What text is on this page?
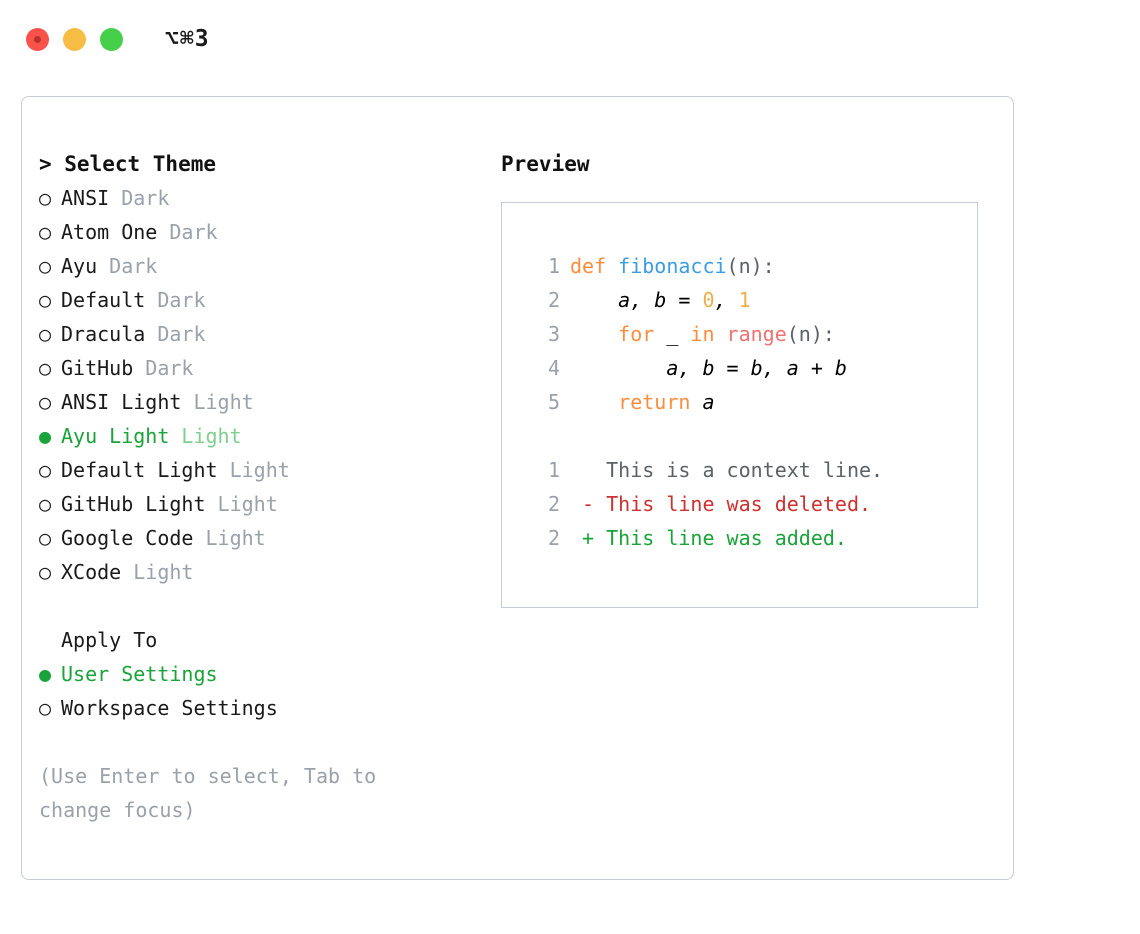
⌥⌘3
> Select Theme
○ ANSI Dark
○ Atom One Dark
○ Ayu Dark
○ Default Dark
○ Dracula Dark
○ GitHub Dark
○ ANSI Light Light
● Ayu Light Light
○ Default Light Light
○ GitHub Light Light
○ Google Code Light
○ XCode Light
Apply To
● User Settings
○ Workspace Settings
(Use Enter to select, Tab to change focus)
Preview
1 def fibonacci(n):
2    a, b = 0, 1
3    for _ in range(n):
4        a, b = b, a + b
5    return a

1   This is a context line.
2 - This line was deleted.
2 + This line was added.
